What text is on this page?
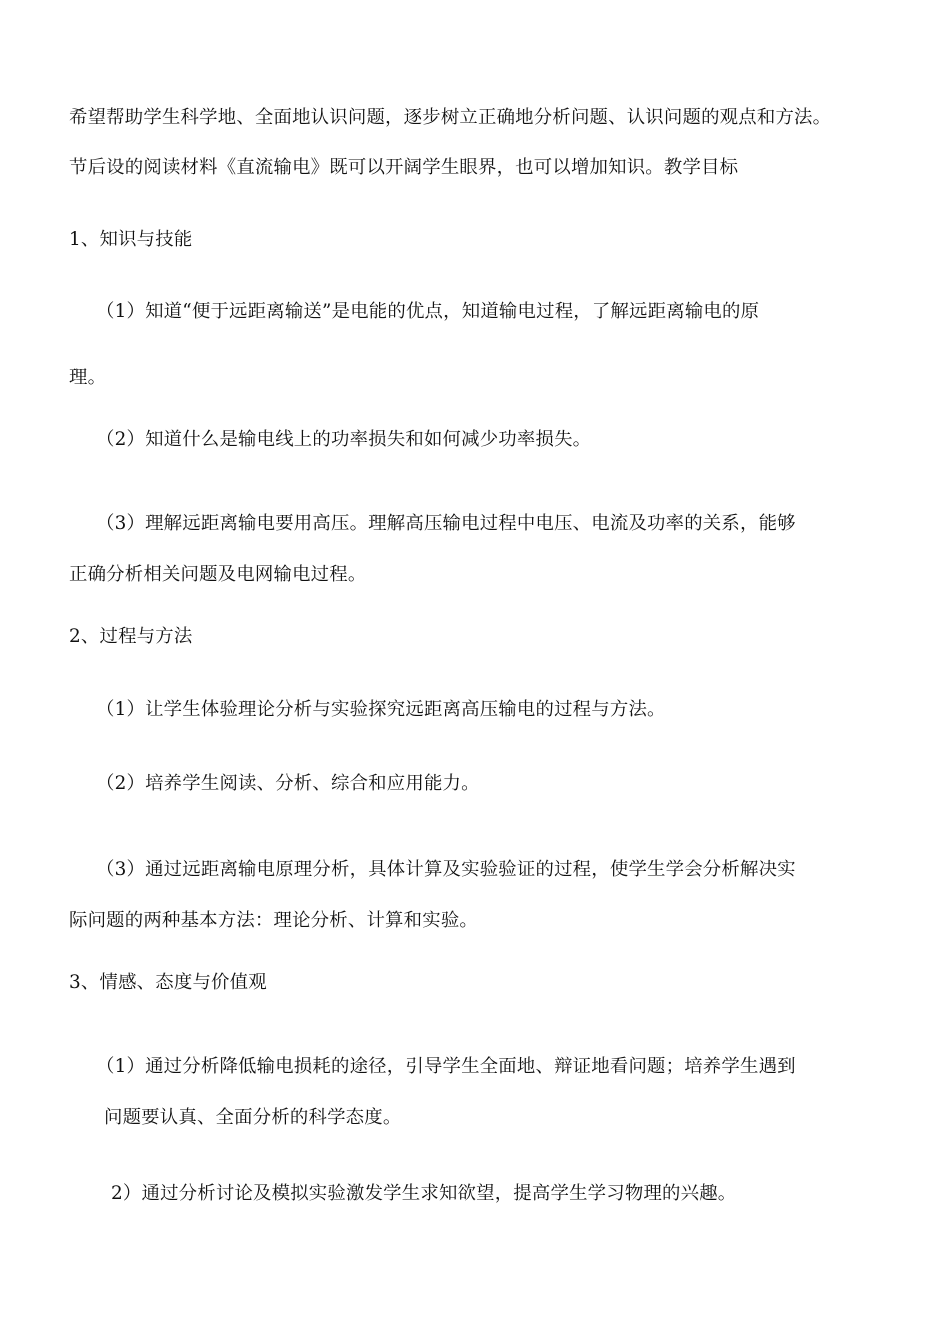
希望帮助学生科学地、全面地认识问题，逐步树立正确地分析问题、认识问题的观点和方法。
节后设的阅读材料《直流输电》既可以开阔学生眼界，也可以增加知识。教学目标
1、知识与技能
（1）知道“便于远距离输送”是电能的优点，知道输电过程，了解远距离输电的原
理。
（2）知道什么是输电线上的功率损失和如何减少功率损失。
（3）理解远距离输电要用高压。理解高压输电过程中电压、电流及功率的关系，能够
正确分析相关问题及电网输电过程。
2、过程与方法
（1）让学生体验理论分析与实验探究远距离高压输电的过程与方法。
（2）培养学生阅读、分析、综合和应用能力。
（3）通过远距离输电原理分析，具体计算及实验验证的过程，使学生学会分析解决实
际问题的两种基本方法：理论分析、计算和实验。
3、情感、态度与价值观
（1）通过分析降低输电损耗的途径，引导学生全面地、辩证地看问题；培养学生遇到
问题要认真、全面分析的科学态度。
2）通过分析讨论及模拟实验激发学生求知欲望，提高学生学习物理的兴趣。
